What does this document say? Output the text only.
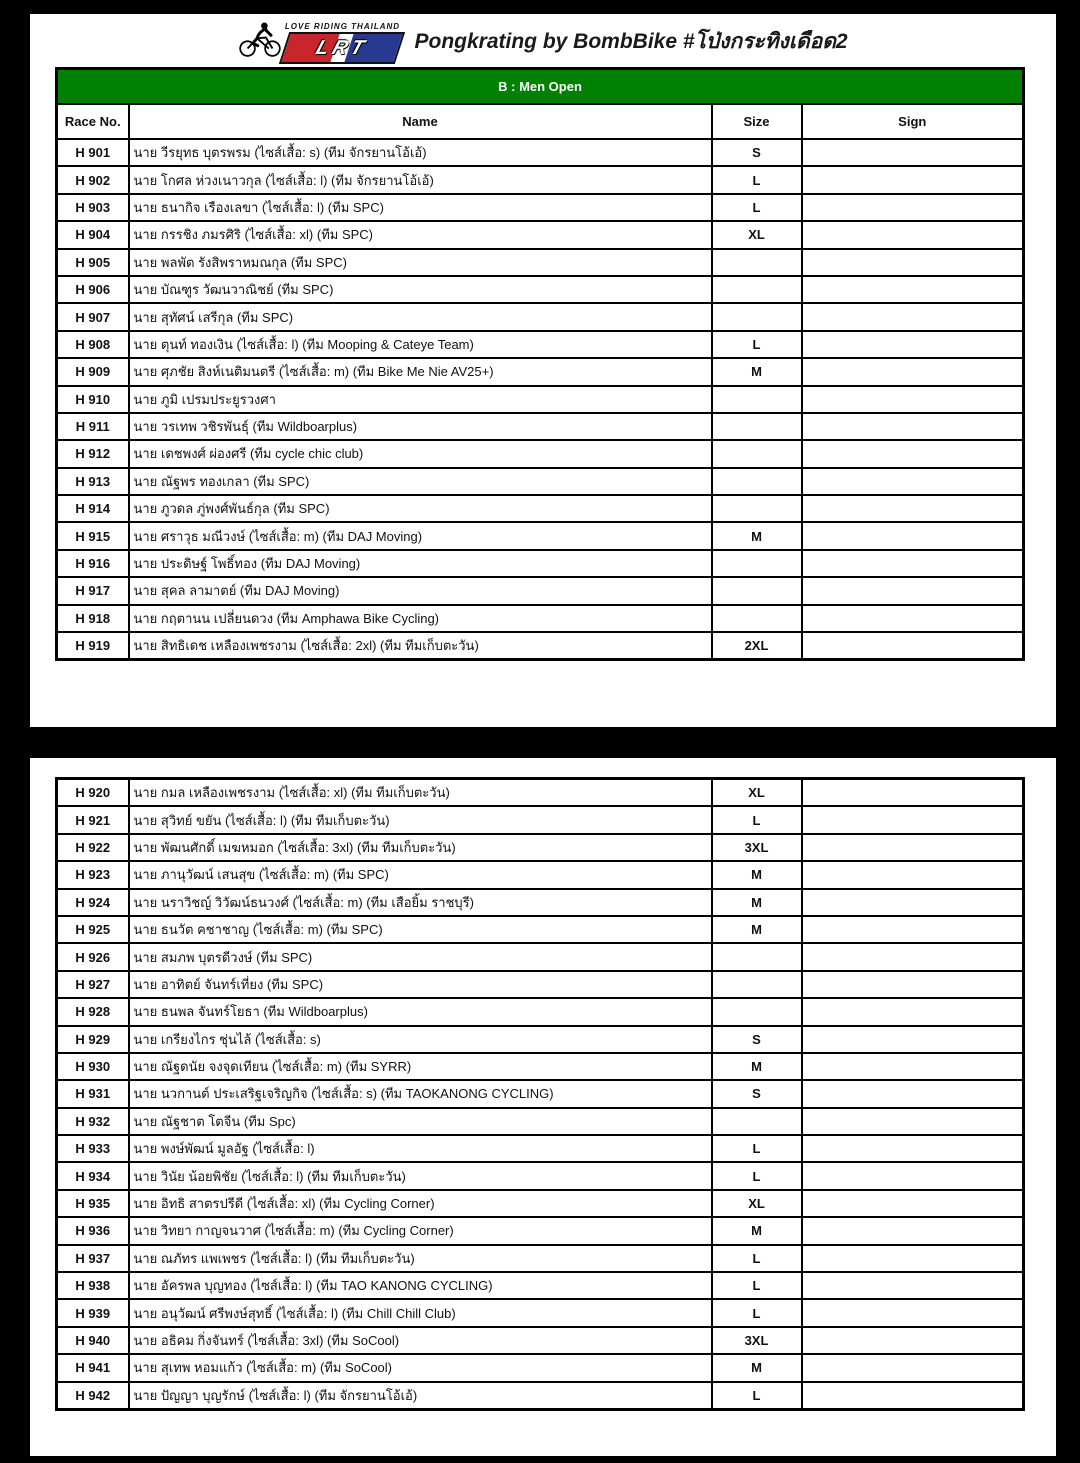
LOVE RIDING THAILAND
LRT	Pongkrating by BombBike #โป่งกระทิงเดือด2
B : Men Open			
Race No.	Name	Size	Sign
H 901	นาย วีรยุทธ บุตรพรม (ไซส์เสื้อ: s) (ทีม จักรยานโอ้เอ้)	S	
H 902	นาย โกศล ห่วงเนาวกุล (ไซส์เสื้อ: l) (ทีม จักรยานโอ้เอ้)	L	
H 903	นาย ธนากิจ เรืองเลขา (ไซส์เสื้อ: l) (ทีม SPC)	L	
H 904	นาย กรรชิง ภมรศิริ (ไซส์เสื้อ: xl) (ทีม SPC)	XL	
H 905	นาย พลพัต รังสิพราหมณกุล (ทีม SPC)		
H 906	นาย บัณฑูร วัฒนวาณิชย์ (ทีม SPC)		
H 907	นาย สุทัศน์ เสรีกุล (ทีม SPC)		
H 908	นาย ตุนท์ ทองเงิน (ไซส์เสื้อ: l) (ทีม Mooping & Cateye Team)	L	
H 909	นาย ศุภชัย สิงห์เนติมนตรี (ไซส์เสื้อ: m) (ทีม Bike Me Nie AV25+)	M	
H 910	นาย ภูมิ เปรมประยูรวงศา		
H 911	นาย วรเทพ วชิรพันธุ์ (ทีม Wildboarplus)		
H 912	นาย เดชพงศ์ ผ่องศรี (ทีม cycle chic club)		
H 913	นาย ณัฐพร ทองเกลา (ทีม SPC)		
H 914	นาย ภูวดล ภู่พงศ์พันธ์กุล (ทีม SPC)		
H 915	นาย ศราวุธ มณีวงษ์ (ไซส์เสื้อ: m) (ทีม DAJ Moving)	M	
H 916	นาย ประดิษฐ์ โพธิ์ทอง (ทีม DAJ Moving)		
H 917	นาย สุคล ลามาตย์ (ทีม DAJ Moving)		
H 918	นาย กฤตานน เปลี่ยนดวง (ทีม Amphawa Bike Cycling)		
H 919	นาย สิทธิเดช เหลืองเพชรงาม (ไซส์เสื้อ: 2xl) (ทีม ทีมเก็บตะวัน)	2XL	
H 920	นาย กมล เหลืองเพชรงาม (ไซส์เสื้อ: xl) (ทีม ทีมเก็บตะวัน)	XL	
H 921	นาย สุวิทย์ ขยัน (ไซส์เสื้อ: l) (ทีม ทีมเก็บตะวัน)	L	
H 922	นาย พัฒนศักดิ์ เมฆหมอก (ไซส์เสื้อ: 3xl) (ทีม ทีมเก็บตะวัน)	3XL	
H 923	นาย ภานุวัฒน์ เสนสุข (ไซส์เสื้อ: m) (ทีม SPC)	M	
H 924	นาย นราวิชญ์ วิวัฒน์ธนวงศ์ (ไซส์เสื้อ: m) (ทีม เสือยิ้ม ราชบุรี)	M	
H 925	นาย ธนวัต คชาชาญ (ไซส์เสื้อ: m) (ทีม SPC)	M	
H 926	นาย สมภพ บุตรดีวงษ์ (ทีม SPC)		
H 927	นาย อาทิตย์ จันทร์เที่ยง (ทีม SPC)		
H 928	นาย ธนพล จันทร์โยธา (ทีม Wildboarplus)		
H 929	นาย เกรียงไกร ชุ่นไล้ (ไซส์เสื้อ: s)	S	
H 930	นาย ณัฐดนัย จงจุดเทียน (ไซส์เสื้อ: m) (ทีม SYRR)	M	
H 931	นาย นวกานต์ ประเสริฐเจริญกิจ (ไซส์เสื้อ: s) (ทีม TAOKANONG CYCLING)	S	
H 932	นาย ณัฐชาต โตจีน (ทีม Spc)		
H 933	นาย พงษ์พัฒน์ มูลอัฐ (ไซส์เสื้อ: l)	L	
H 934	นาย วินัย น้อยพิชัย (ไซส์เสื้อ: l) (ทีม ทีมเก็บตะวัน)	L	
H 935	นาย อิทธิ สาตรปรีดี (ไซส์เสื้อ: xl) (ทีม Cycling Corner)	XL	
H 936	นาย วิทยา กาญจนวาศ (ไซส์เสื้อ: m) (ทีม Cycling Corner)	M	
H 937	นาย ณภัทร แพเพชร (ไซส์เสื้อ: l) (ทีม ทีมเก็บตะวัน)	L	
H 938	นาย อัครพล บุญทอง (ไซส์เสื้อ: l) (ทีม TAO KANONG CYCLING)	L	
H 939	นาย อนุวัฒน์ ศรีพงษ์สุทธิ์ (ไซส์เสื้อ: l) (ทีม Chill Chill Club)	L	
H 940	นาย อธิคม กิ่งจันทร์ (ไซส์เสื้อ: 3xl) (ทีม SoCool)	3XL	
H 941	นาย สุเทพ หอมแก้ว (ไซส์เสื้อ: m) (ทีม SoCool)	M	
H 942	นาย ปัญญา บุญรักษ์ (ไซส์เสื้อ: l) (ทีม จักรยานโอ้เอ้)	L	
